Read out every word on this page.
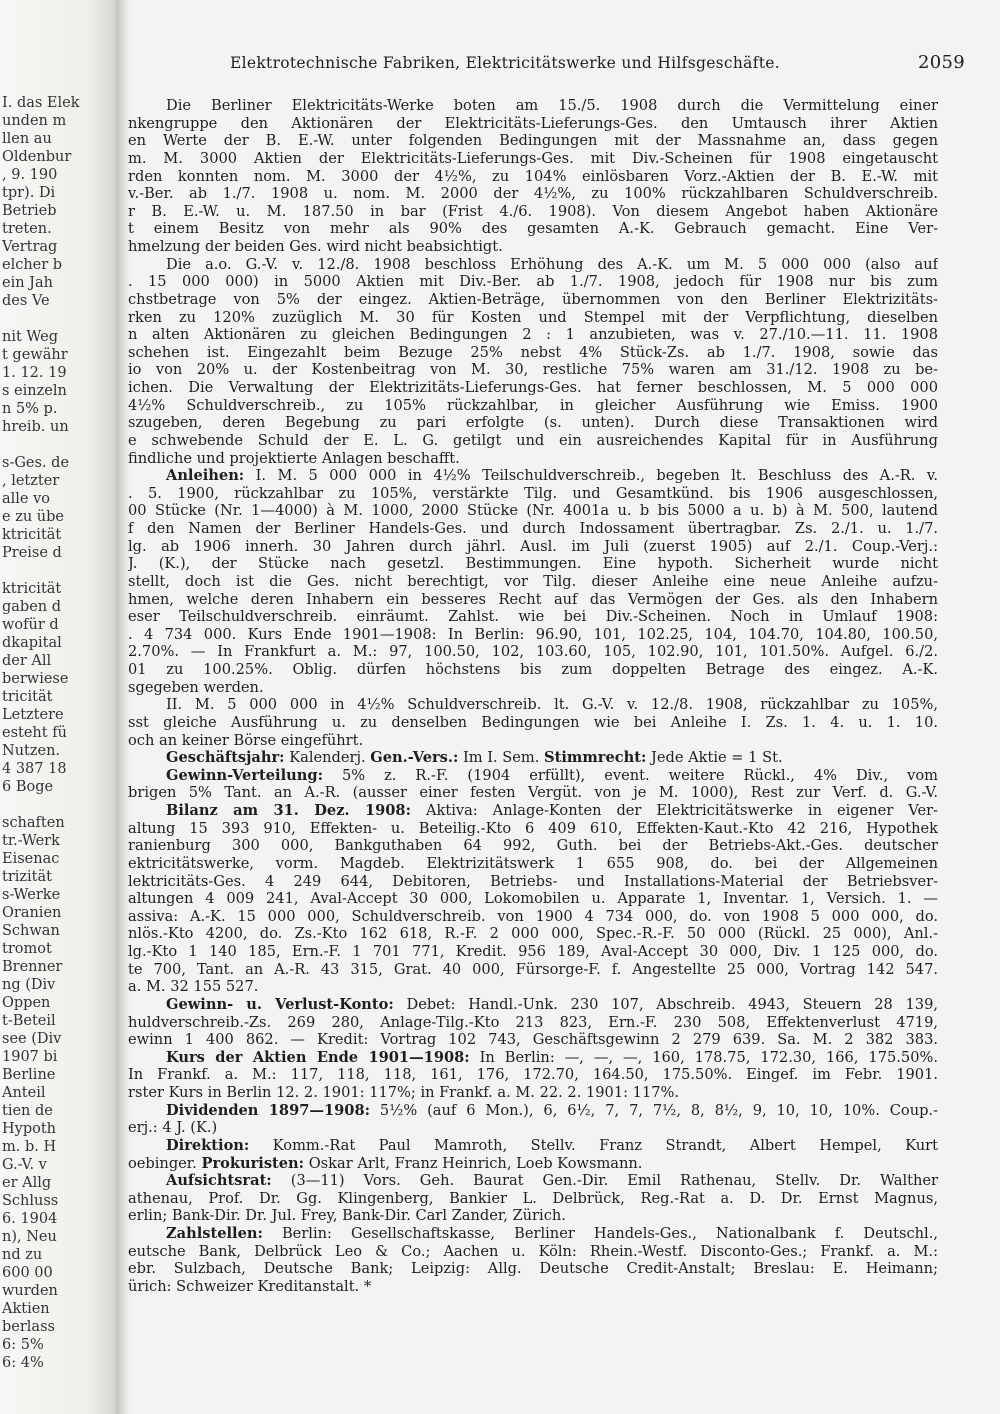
I. das Elek
unden m
llen au
Oldenbur
, 9. 190
tpr). Di
Betrieb
treten.
Vertrag
elcher b
ein Jah
des Ve
nit Weg
t gewähr
1. 12. 19
s einzeln
n 5% p.
hreib. un
s-Ges. de
, letzter
alle vo
e zu übe
ktricität
Preise d
ktricität
gaben d
wofür d
dkapital
der All
berwiese
tricität
Letztere
esteht fü
Nutzen.
4 387 18
6 Boge
schaften
tr.-Werk
Eisenac
trizität
s-Werke
Oranien
Schwan
tromot
Brenner
ng (Div
Oppen
t-Beteil
see (Div
1907 bi
Berline
Anteil
tien de
Hypoth
m. b. H
G.-V. v
er Allg
Schluss
6. 1904
n), Neu
nd zu
600 00
wurden
Aktien
berlass
6: 5%
6: 4%
Elektrotechnische Fabriken, Elektricitätswerke und Hilfsgeschäfte.	2059
Die Berliner Elektricitäts-Werke boten am 15./5. 1908 durch die Vermittelung einer
nkengruppe den Aktionären der Elektricitäts-Lieferungs-Ges. den Umtausch ihrer Aktien
en Werte der B. E.-W. unter folgenden Bedingungen mit der Massnahme an, dass gegen
m. M. 3000 Aktien der Elektricitäts-Lieferungs-Ges. mit Div.-Scheinen für 1908 eingetauscht
rden konnten nom. M. 3000 der 4½%, zu 104% einlösbaren Vorz.-Aktien der B. E.-W. mit
v.-Ber. ab 1./7. 1908 u. nom. M. 2000 der 4½%, zu 100% rückzahlbaren Schuldverschreib.
r B. E.-W. u. M. 187.50 in bar (Frist 4./6. 1908). Von diesem Angebot haben Aktionäre
t einem Besitz von mehr als 90% des gesamten A.-K. Gebrauch gemacht. Eine Ver-
hmelzung der beiden Ges. wird nicht beabsichtigt.
Die a.o. G.-V. v. 12./8. 1908 beschloss Erhöhung des A.-K. um M. 5 000 000 (also auf
. 15 000 000) in 5000 Aktien mit Div.-Ber. ab 1./7. 1908, jedoch für 1908 nur bis zum
chstbetrage von 5% der eingez. Aktien-Beträge, übernommen von den Berliner Elektrizitäts-
rken zu 120% zuzüglich M. 30 für Kosten und Stempel mit der Verpflichtung, dieselben
n alten Aktionären zu gleichen Bedingungen 2 : 1 anzubieten, was v. 27./10.—11. 11. 1908
schehen ist. Eingezahlt beim Bezuge 25% nebst 4% Stück-Zs. ab 1./7. 1908, sowie das
io von 20% u. der Kostenbeitrag von M. 30, restliche 75% waren am 31./12. 1908 zu be-
ichen. Die Verwaltung der Elektrizitäts-Lieferungs-Ges. hat ferner beschlossen, M. 5 000 000
4½% Schuldverschreib., zu 105% rückzahlbar, in gleicher Ausführung wie Emiss. 1900
szugeben, deren Begebung zu pari erfolgte (s. unten). Durch diese Transaktionen wird
e schwebende Schuld der E. L. G. getilgt und ein ausreichendes Kapital für in Ausführung
findliche und projektierte Anlagen beschafft.
Anleihen: I. M. 5 000 000 in 4½% Teilschuldverschreib., begeben lt. Beschluss des A.-R. v.
. 5. 1900, rückzahlbar zu 105%, verstärkte Tilg. und Gesamtkünd. bis 1906 ausgeschlossen,
00 Stücke (Nr. 1—4000) à M. 1000, 2000 Stücke (Nr. 4001a u. b bis 5000 a u. b) à M. 500, lautend
f den Namen der Berliner Handels-Ges. und durch Indossament übertragbar. Zs. 2./1. u. 1./7.
lg. ab 1906 innerh. 30 Jahren durch jährl. Ausl. im Juli (zuerst 1905) auf 2./1. Coup.-Verj.:
J. (K.), der Stücke nach gesetzl. Bestimmungen. Eine hypoth. Sicherheit wurde nicht
stellt, doch ist die Ges. nicht berechtigt, vor Tilg. dieser Anleihe eine neue Anleihe aufzu-
hmen, welche deren Inhabern ein besseres Recht auf das Vermögen der Ges. als den Inhabern
eser Teilschuldverschreib. einräumt. Zahlst. wie bei Div.-Scheinen. Noch in Umlauf 1908:
. 4 734 000. Kurs Ende 1901—1908: In Berlin: 96.90, 101, 102.25, 104, 104.70, 104.80, 100.50,
2.70%. — In Frankfurt a. M.: 97, 100.50, 102, 103.60, 105, 102.90, 101, 101.50%. Aufgel. 6./2.
01 zu 100.25%. Oblig. dürfen höchstens bis zum doppelten Betrage des eingez. A.-K.
sgegeben werden.
II. M. 5 000 000 in 4½% Schuldverschreib. lt. G.-V. v. 12./8. 1908, rückzahlbar zu 105%,
sst gleiche Ausführung u. zu denselben Bedingungen wie bei Anleihe I. Zs. 1. 4. u. 1. 10.
och an keiner Börse eingeführt.
Geschäftsjahr: Kalenderj. Gen.-Vers.: Im I. Sem. Stimmrecht: Jede Aktie = 1 St.
Gewinn-Verteilung: 5% z. R.-F. (1904 erfüllt), event. weitere Rückl., 4% Div., vom
brigen 5% Tant. an A.-R. (ausser einer festen Vergüt. von je M. 1000), Rest zur Verf. d. G.-V.
Bilanz am 31. Dez. 1908: Aktiva: Anlage-Konten der Elektricitätswerke in eigener Ver-
altung 15 393 910, Effekten- u. Beteilig.-Kto 6 409 610, Effekten-Kaut.-Kto 42 216, Hypothek
ranienburg 300 000, Bankguthaben 64 992, Guth. bei der Betriebs-Akt.-Ges. deutscher
ektricitätswerke, vorm. Magdeb. Elektrizitätswerk 1 655 908, do. bei der Allgemeinen
lektricitäts-Ges. 4 249 644, Debitoren, Betriebs- und Installations-Material der Betriebsver-
altungen 4 009 241, Aval-Accept 30 000, Lokomobilen u. Apparate 1, Inventar. 1, Versich. 1. —
assiva: A.-K. 15 000 000, Schuldverschreib. von 1900 4 734 000, do. von 1908 5 000 000, do.
nlös.-Kto 4200, do. Zs.-Kto 162 618, R.-F. 2 000 000, Spec.-R.-F. 50 000 (Rückl. 25 000), Anl.-
lg.-Kto 1 140 185, Ern.-F. 1 701 771, Kredit. 956 189, Aval-Accept 30 000, Div. 1 125 000, do.
te 700, Tant. an A.-R. 43 315, Grat. 40 000, Fürsorge-F. f. Angestellte 25 000, Vortrag 142 547.
a. M. 32 155 527.
Gewinn- u. Verlust-Konto: Debet: Handl.-Unk. 230 107, Abschreib. 4943, Steuern 28 139,
huldverschreib.-Zs. 269 280, Anlage-Tilg.-Kto 213 823, Ern.-F. 230 508, Effektenverlust 4719,
ewinn 1 400 862. — Kredit: Vortrag 102 743, Geschäftsgewinn 2 279 639. Sa. M. 2 382 383.
Kurs der Aktien Ende 1901—1908: In Berlin: —, —, —, 160, 178.75, 172.30, 166, 175.50%.
In Frankf. a. M.: 117, 118, 118, 161, 176, 172.70, 164.50, 175.50%. Eingef. im Febr. 1901.
rster Kurs in Berlin 12. 2. 1901: 117%; in Frankf. a. M. 22. 2. 1901: 117%.
Dividenden 1897—1908: 5½% (auf 6 Mon.), 6, 6½, 7, 7, 7½, 8, 8½, 9, 10, 10, 10%. Coup.-
erj.: 4 J. (K.)
Direktion: Komm.-Rat Paul Mamroth, Stellv. Franz Strandt, Albert Hempel, Kurt
oebinger. Prokuristen: Oskar Arlt, Franz Heinrich, Loeb Kowsmann.
Aufsichtsrat: (3—11) Vors. Geh. Baurat Gen.-Dir. Emil Rathenau, Stellv. Dr. Walther
athenau, Prof. Dr. Gg. Klingenberg, Bankier L. Delbrück, Reg.-Rat a. D. Dr. Ernst Magnus,
erlin; Bank-Dir. Dr. Jul. Frey, Bank-Dir. Carl Zander, Zürich.
Zahlstellen: Berlin: Gesellschaftskasse, Berliner Handels-Ges., Nationalbank f. Deutschl.,
eutsche Bank, Delbrück Leo & Co.; Aachen u. Köln: Rhein.-Westf. Disconto-Ges.; Frankf. a. M.:
ebr. Sulzbach, Deutsche Bank; Leipzig: Allg. Deutsche Credit-Anstalt; Breslau: E. Heimann;
ürich: Schweizer Kreditanstalt. *
